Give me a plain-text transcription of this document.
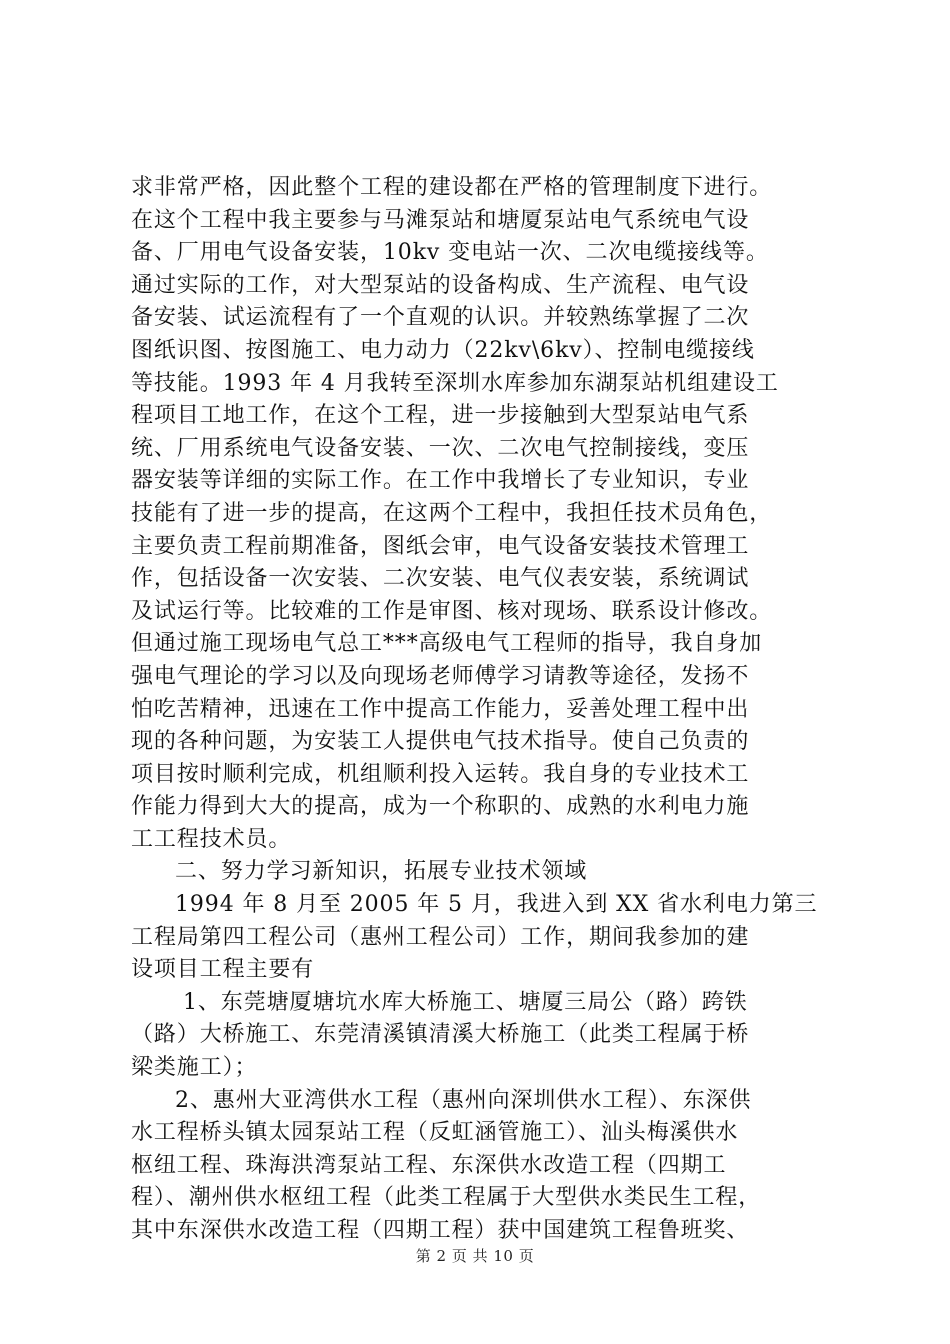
求非常严格，因此整个工程的建设都在严格的管理制度下进行。
在这个工程中我主要参与马滩泵站和塘厦泵站电气系统电气设
备、厂用电气设备安装，10kv 变电站一次、二次电缆接线等。
通过实际的工作，对大型泵站的设备构成、生产流程、电气设
备安装、试运流程有了一个直观的认识。并较熟练掌握了二次
图纸识图、按图施工、电力动力（22kv\6kv）、控制电缆接线
等技能。1993 年 4 月我转至深圳水库参加东湖泵站机组建设工
程项目工地工作，在这个工程，进一步接触到大型泵站电气系
统、厂用系统电气设备安装、一次、二次电气控制接线，变压
器安装等详细的实际工作。在工作中我增长了专业知识，专业
技能有了进一步的提高，在这两个工程中，我担任技术员角色，
主要负责工程前期准备，图纸会审，电气设备安装技术管理工
作，包括设备一次安装、二次安装、电气仪表安装，系统调试
及试运行等。比较难的工作是审图、核对现场、联系设计修改。
但通过施工现场电气总工***高级电气工程师的指导，我自身加
强电气理论的学习以及向现场老师傅学习请教等途径，发扬不
怕吃苦精神，迅速在工作中提高工作能力，妥善处理工程中出
现的各种问题，为安装工人提供电气技术指导。使自己负责的
项目按时顺利完成，机组顺利投入运转。我自身的专业技术工
作能力得到大大的提高，成为一个称职的、成熟的水利电力施
工工程技术员。
二、努力学习新知识，拓展专业技术领域
1994 年 8 月至 2005 年 5 月，我进入到 XX 省水利电力第三
工程局第四工程公司（惠州工程公司）工作，期间我参加的建
设项目工程主要有
1、东莞塘厦塘坑水库大桥施工、塘厦三局公（路）跨铁
（路）大桥施工、东莞清溪镇清溪大桥施工（此类工程属于桥
梁类施工）；
2、惠州大亚湾供水工程（惠州向深圳供水工程）、东深供
水工程桥头镇太园泵站工程（反虹涵管施工）、汕头梅溪供水
枢纽工程、珠海洪湾泵站工程、东深供水改造工程（四期工
程）、潮州供水枢纽工程（此类工程属于大型供水类民生工程，
其中东深供水改造工程（四期工程）获中国建筑工程鲁班奖、
第 2 页 共 10 页
